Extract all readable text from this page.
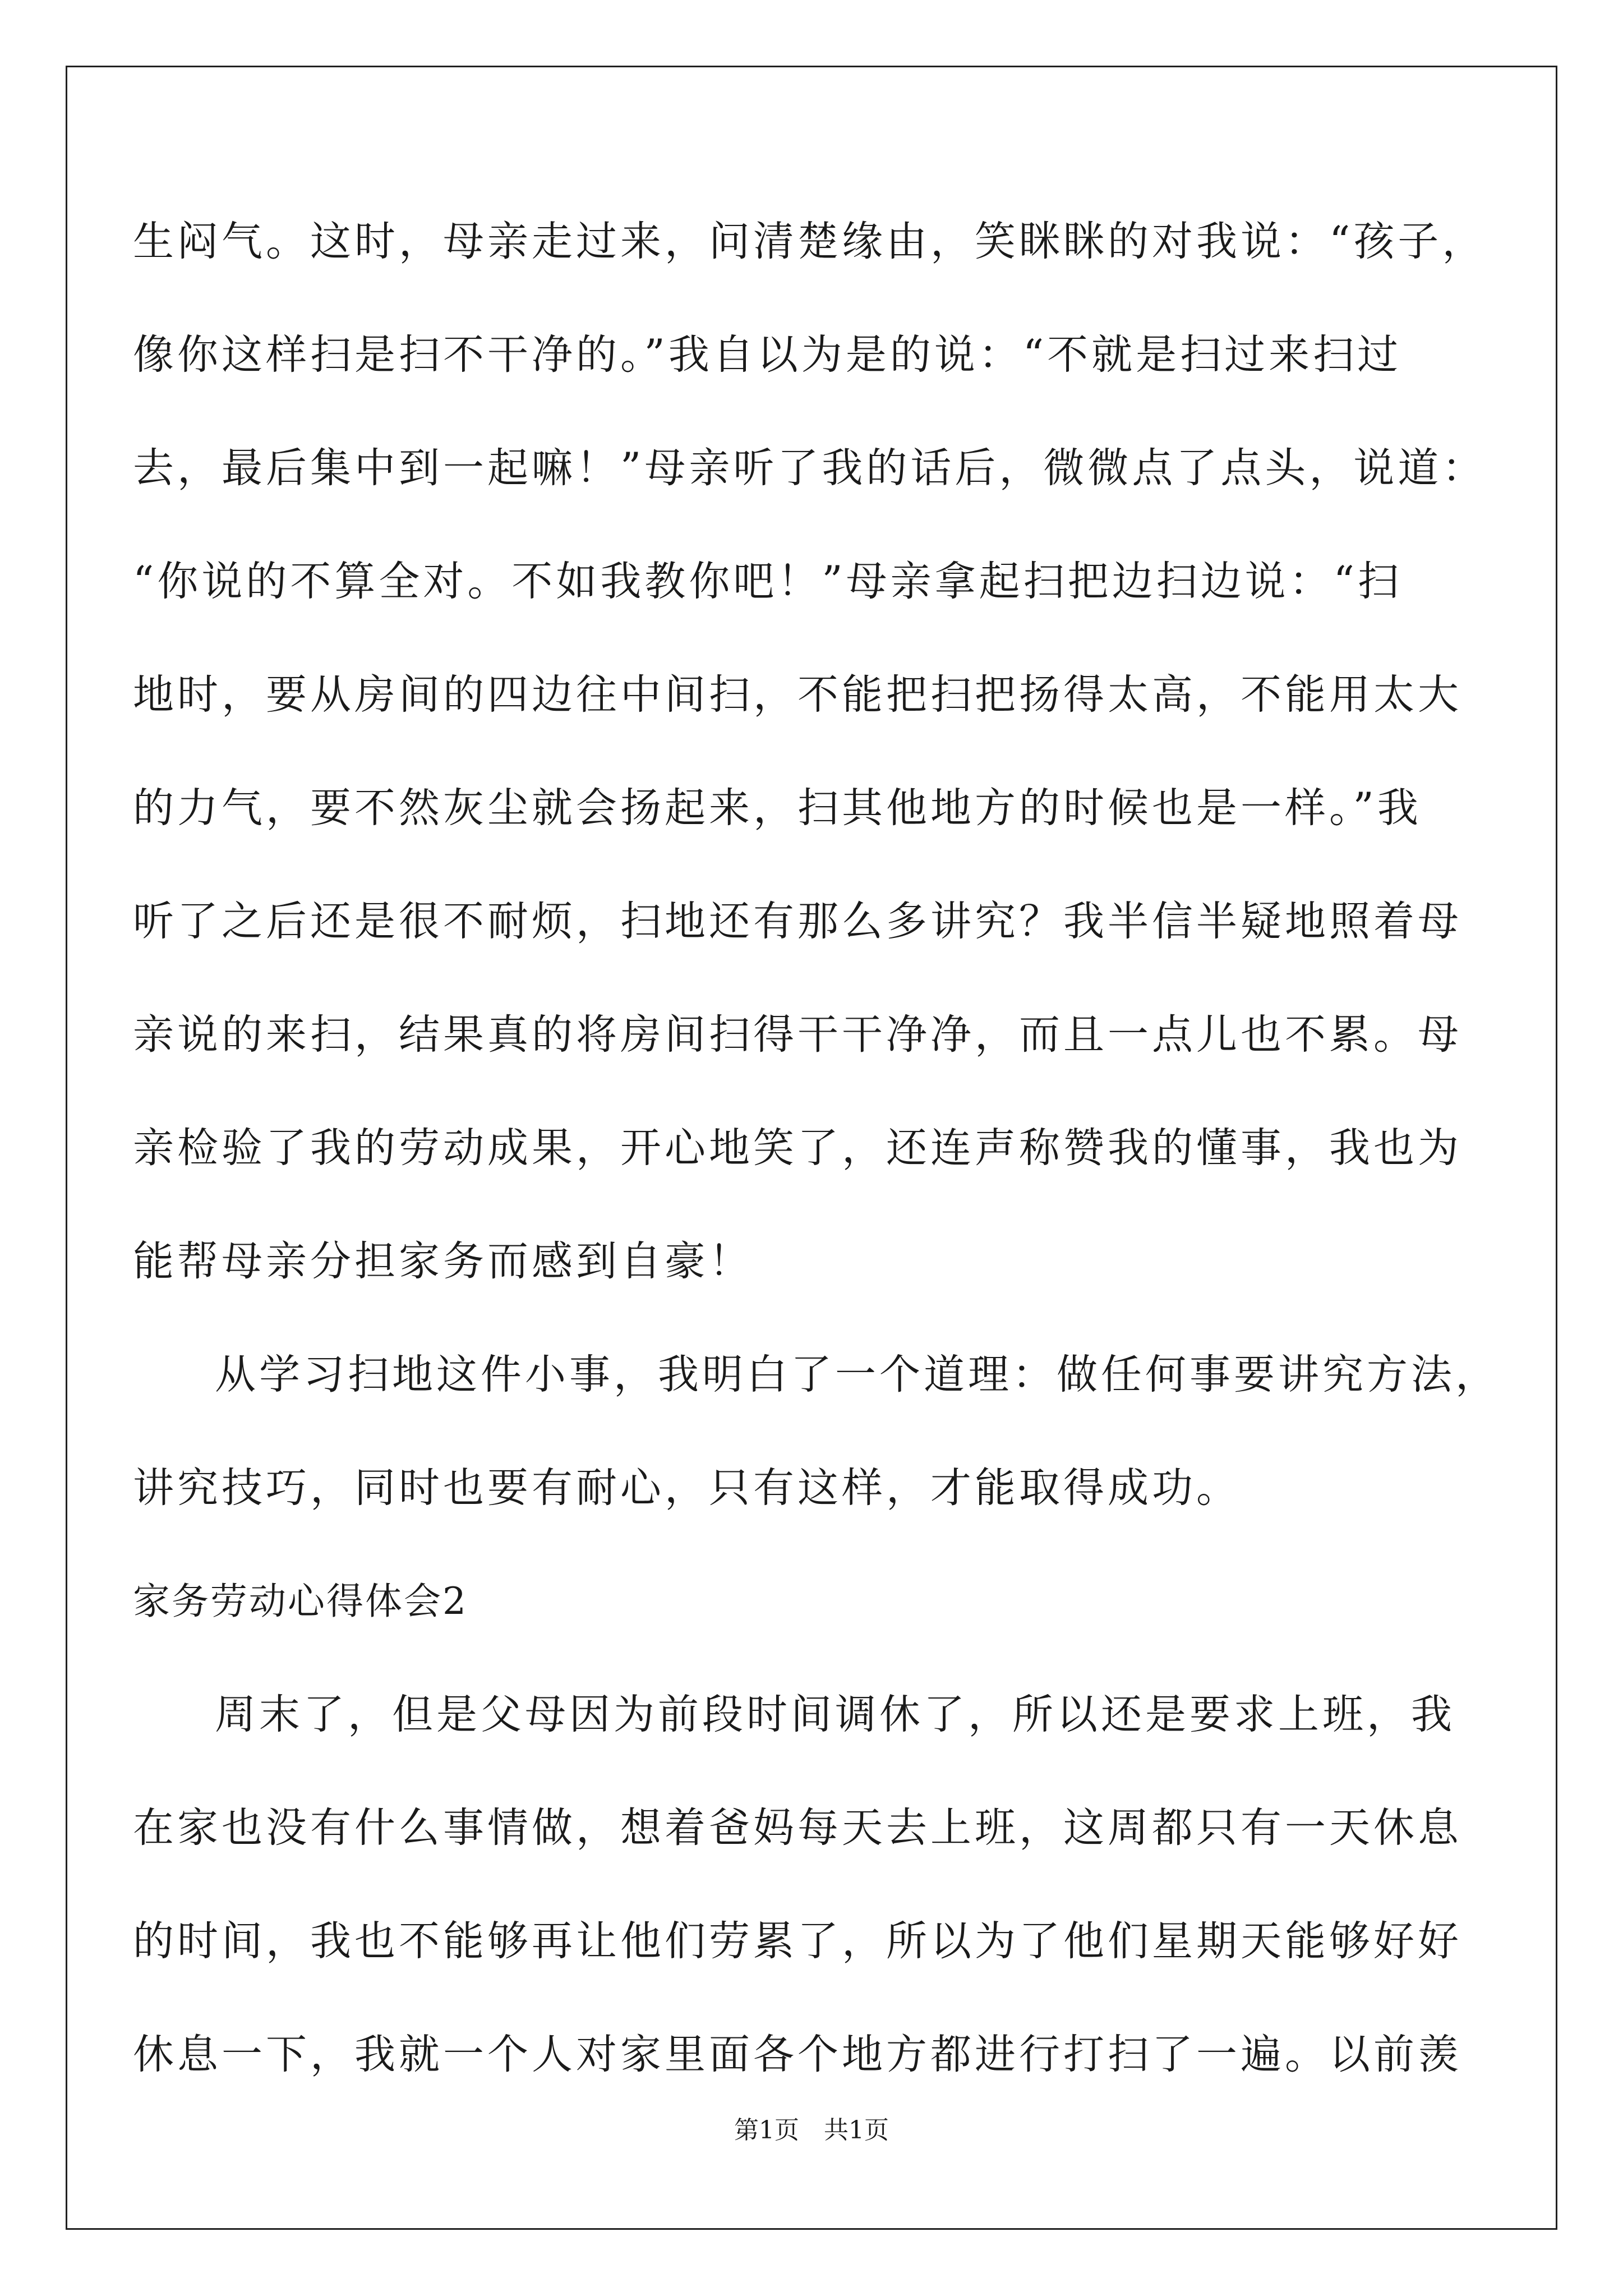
生闷气。这时，母亲走过来，问清楚缘由，笑眯眯的对我说：“孩子，
像你这样扫是扫不干净的。”我自以为是的说：“不就是扫过来扫过
去，最后集中到一起嘛！”母亲听了我的话后，微微点了点头，说道：
“你说的不算全对。不如我教你吧！”母亲拿起扫把边扫边说：“扫
地时，要从房间的四边往中间扫，不能把扫把扬得太高，不能用太大
的力气，要不然灰尘就会扬起来，扫其他地方的时候也是一样。”我
听了之后还是很不耐烦，扫地还有那么多讲究？我半信半疑地照着母
亲说的来扫，结果真的将房间扫得干干净净，而且一点儿也不累。母
亲检验了我的劳动成果，开心地笑了，还连声称赞我的懂事，我也为
能帮母亲分担家务而感到自豪！
从学习扫地这件小事，我明白了一个道理：做任何事要讲究方法，
讲究技巧，同时也要有耐心，只有这样，才能取得成功。
家务劳动心得体会2
周末了，但是父母因为前段时间调休了，所以还是要求上班，我
在家也没有什么事情做，想着爸妈每天去上班，这周都只有一天休息
的时间，我也不能够再让他们劳累了，所以为了他们星期天能够好好
休息一下，我就一个人对家里面各个地方都进行打扫了一遍。以前羡
第1页　共1页
